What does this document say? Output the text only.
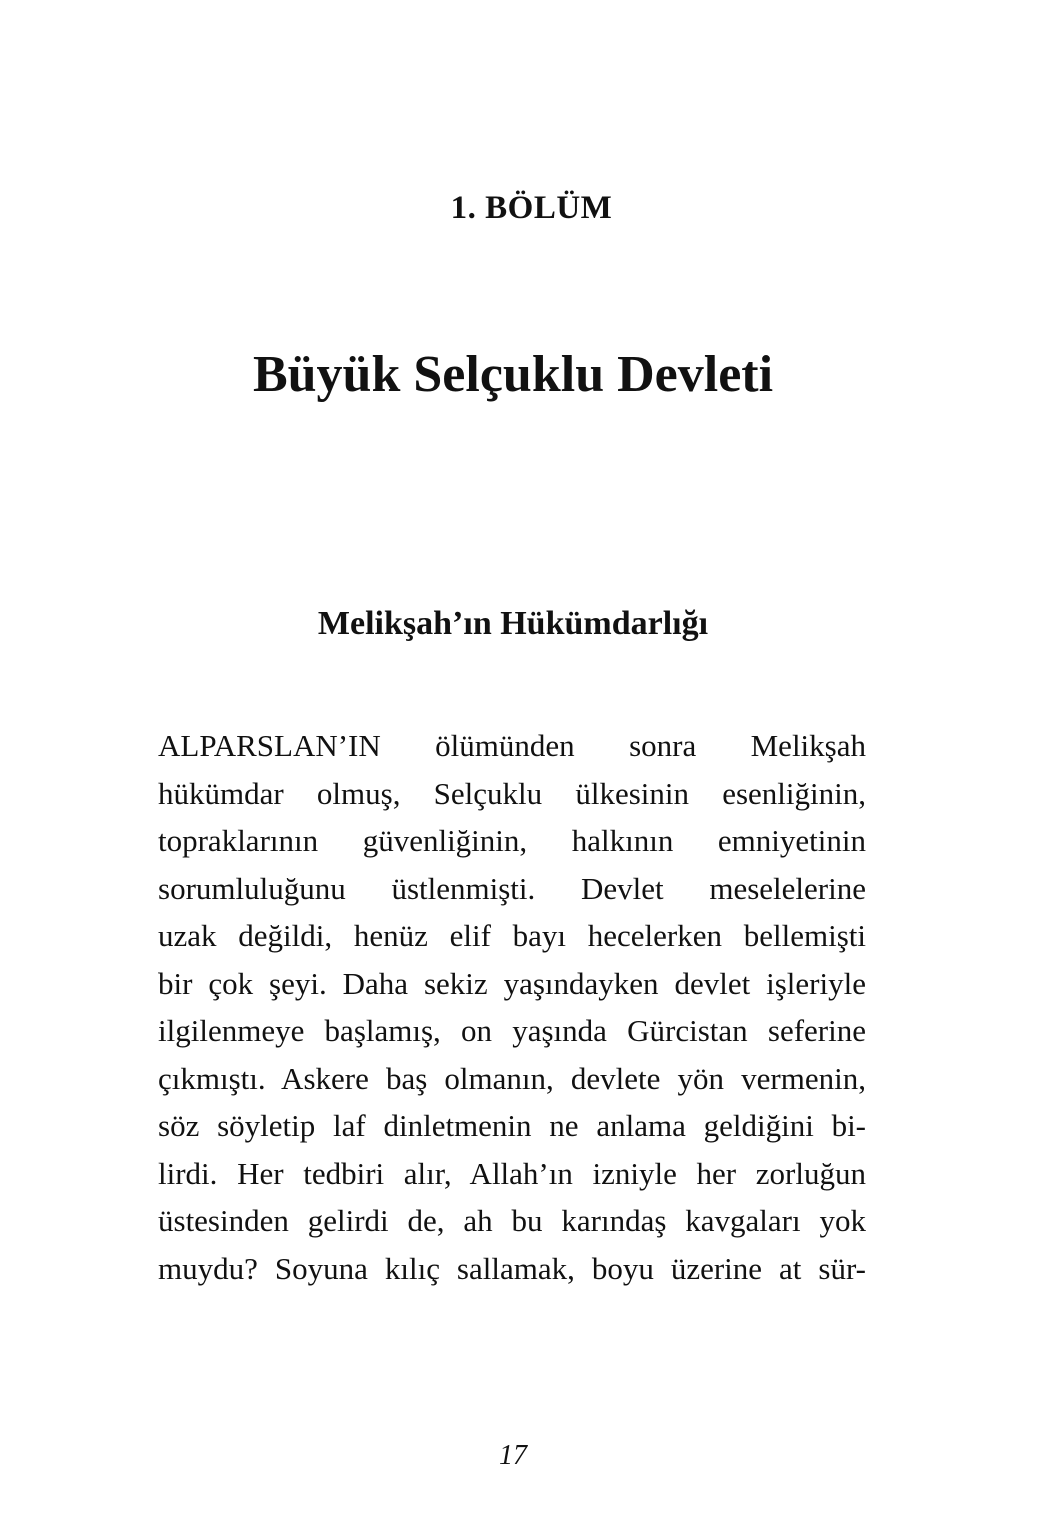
1. BÖLÜM
Büyük Selçuklu Devleti
Melikşah’ın Hükümdarlığı
ALPARSLAN’IN ölümünden sonra Melikşah
hükümdar olmuş, Selçuklu ülkesinin esenliğinin,
topraklarının güvenliğinin, halkının emniyetinin
sorumluluğunu üstlenmişti. Devlet meselelerine
uzak değildi, henüz elif bayı hecelerken bellemişti
bir çok şeyi. Daha sekiz yaşındayken devlet işleriyle
ilgilenmeye başlamış, on yaşında Gürcistan seferine
çıkmıştı. Askere baş olmanın, devlete yön vermenin,
söz söyletip laf dinletmenin ne anlama geldiğini bi-
lirdi. Her tedbiri alır, Allah’ın izniyle her zorluğun
üstesinden gelirdi de, ah bu karındaş kavgaları yok
muydu? Soyuna kılıç sallamak, boyu üzerine at sür-
17
